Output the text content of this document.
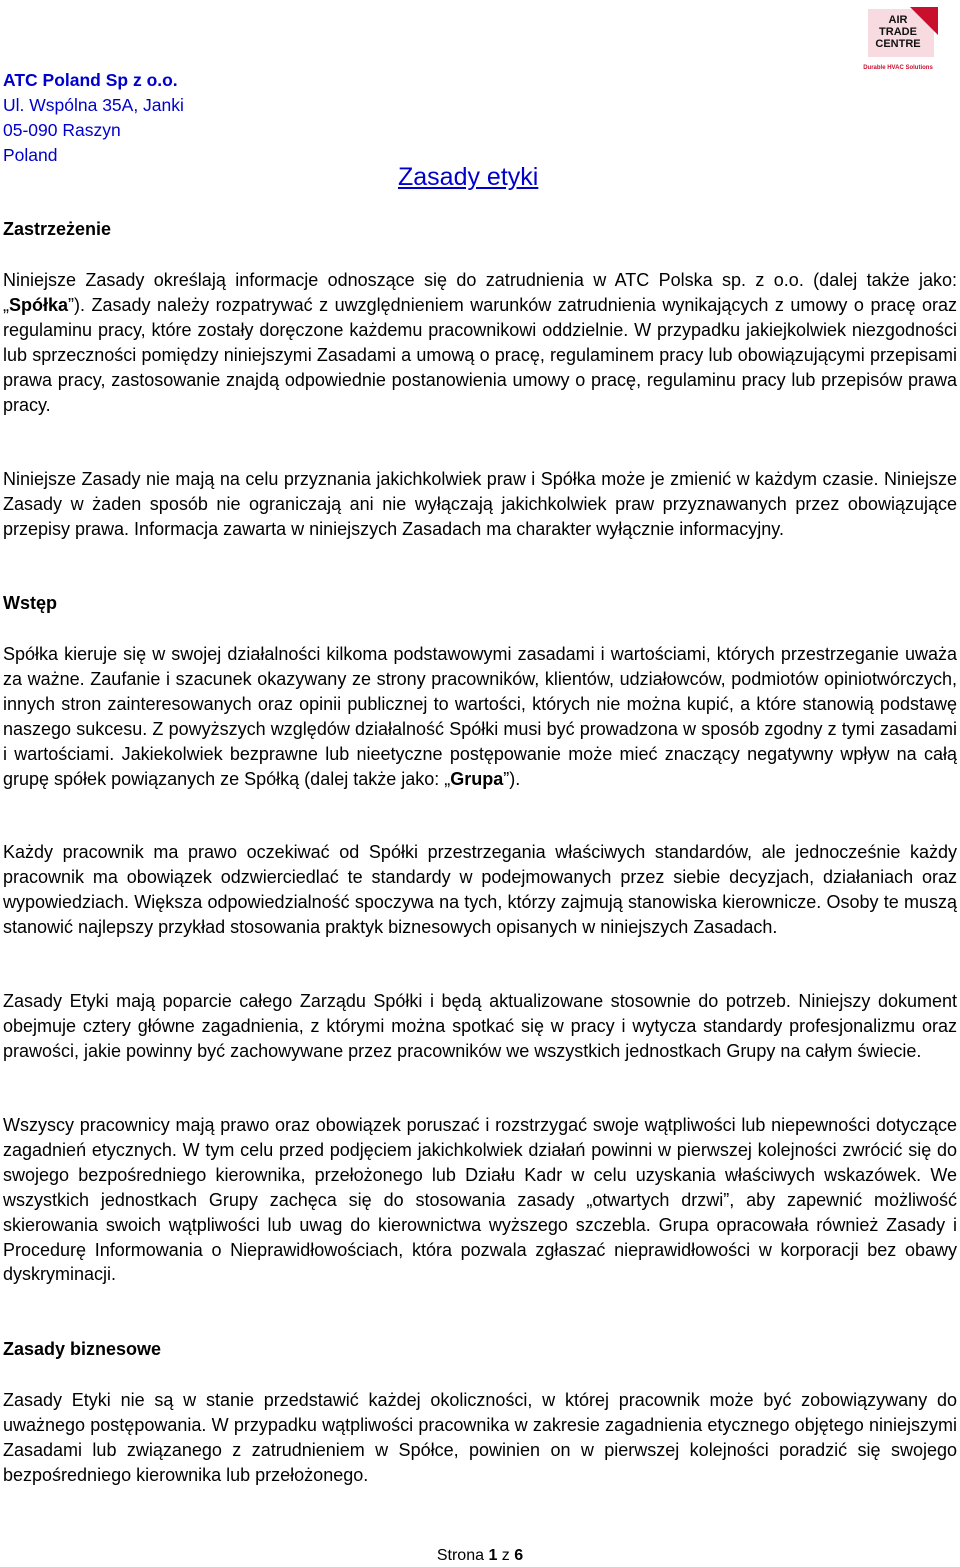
AIR
TRADE
CENTRE
Durable HVAC Solutions
ATC Poland Sp z o.o.
Ul. Wspólna 35A, Janki
05-090 Raszyn
Poland
Zasady etyki
Zastrzeżenie

Niniejsze Zasady określają informacje odnoszące się do zatrudnienia w ATC Polska sp. z o.o. (dalej także jako: „Spółka”). Zasady należy rozpatrywać z uwzględnieniem warunków zatrudnienia wynikających z umowy o pracę oraz regulaminu pracy, które zostały doręczone każdemu pracownikowi oddzielnie. W przypadku jakiejkolwiek niezgodności lub sprzeczności pomiędzy niniejszymi Zasadami a umową o pracę, regulaminem pracy lub obowiązującymi przepisami prawa pracy, zastosowanie znajdą odpowiednie postanowienia umowy o pracę, regulaminu pracy lub przepisów prawa pracy.

Niniejsze Zasady nie mają na celu przyznania jakichkolwiek praw i Spółka może je zmienić w każdym czasie. Niniejsze Zasady w żaden sposób nie ograniczają ani nie wyłączają jakichkolwiek praw przyznawanych przez obowiązujące przepisy prawa. Informacja zawarta w niniejszych Zasadach ma charakter wyłącznie informacyjny.

Wstęp

Spółka kieruje się w swojej działalności kilkoma podstawowymi zasadami i wartościami, których przestrzeganie uważa za ważne. Zaufanie i szacunek okazywany ze strony pracowników, klientów, udziałowców, podmiotów opiniotwórczych, innych stron zainteresowanych oraz opinii publicznej to wartości, których nie można kupić, a które stanowią podstawę naszego sukcesu. Z powyższych względów działalność Spółki musi być prowadzona w sposób zgodny z tymi zasadami i wartościami. Jakiekolwiek bezprawne lub nieetyczne postępowanie może mieć znaczący negatywny wpływ na całą grupę spółek powiązanych ze Spółką (dalej także jako: „Grupa”).

Każdy pracownik ma prawo oczekiwać od Spółki przestrzegania właściwych standardów, ale jednocześnie każdy pracownik ma obowiązek odzwierciedlać te standardy w podejmowanych przez siebie decyzjach, działaniach oraz wypowiedziach. Większa odpowiedzialność spoczywa na tych, którzy zajmują stanowiska kierownicze. Osoby te muszą stanowić najlepszy przykład stosowania praktyk biznesowych opisanych w niniejszych Zasadach.

Zasady Etyki mają poparcie całego Zarządu Spółki i będą aktualizowane stosownie do potrzeb. Niniejszy dokument obejmuje cztery główne zagadnienia, z którymi można spotkać się w pracy i wytycza standardy profesjonalizmu oraz prawości, jakie powinny być zachowywane przez pracowników we wszystkich jednostkach Grupy na całym świecie.

Wszyscy pracownicy mają prawo oraz obowiązek poruszać i rozstrzygać swoje wątpliwości lub niepewności dotyczące zagadnień etycznych. W tym celu przed podjęciem jakichkolwiek działań powinni w pierwszej kolejności zwrócić się do swojego bezpośredniego kierownika, przełożonego lub Działu Kadr w celu uzyskania właściwych wskazówek. We wszystkich jednostkach Grupy zachęca się do stosowania zasady „otwartych drzwi”, aby zapewnić możliwość skierowania swoich wątpliwości lub uwag do kierownictwa wyższego szczebla. Grupa opracowała również Zasady i Procedurę Informowania o Nieprawidłowościach, która pozwala zgłaszać nieprawidłowości w korporacji bez obawy dyskryminacji.

Zasady biznesowe

Zasady Etyki nie są w stanie przedstawić każdej okoliczności, w której pracownik może być zobowiązywany do uważnego postępowania. W przypadku wątpliwości pracownika w zakresie zagadnienia etycznego objętego niniejszymi Zasadami lub związanego z zatrudnieniem w Spółce, powinien on w pierwszej kolejności poradzić się swojego bezpośredniego kierownika lub przełożonego.

Strona 1 z 6
